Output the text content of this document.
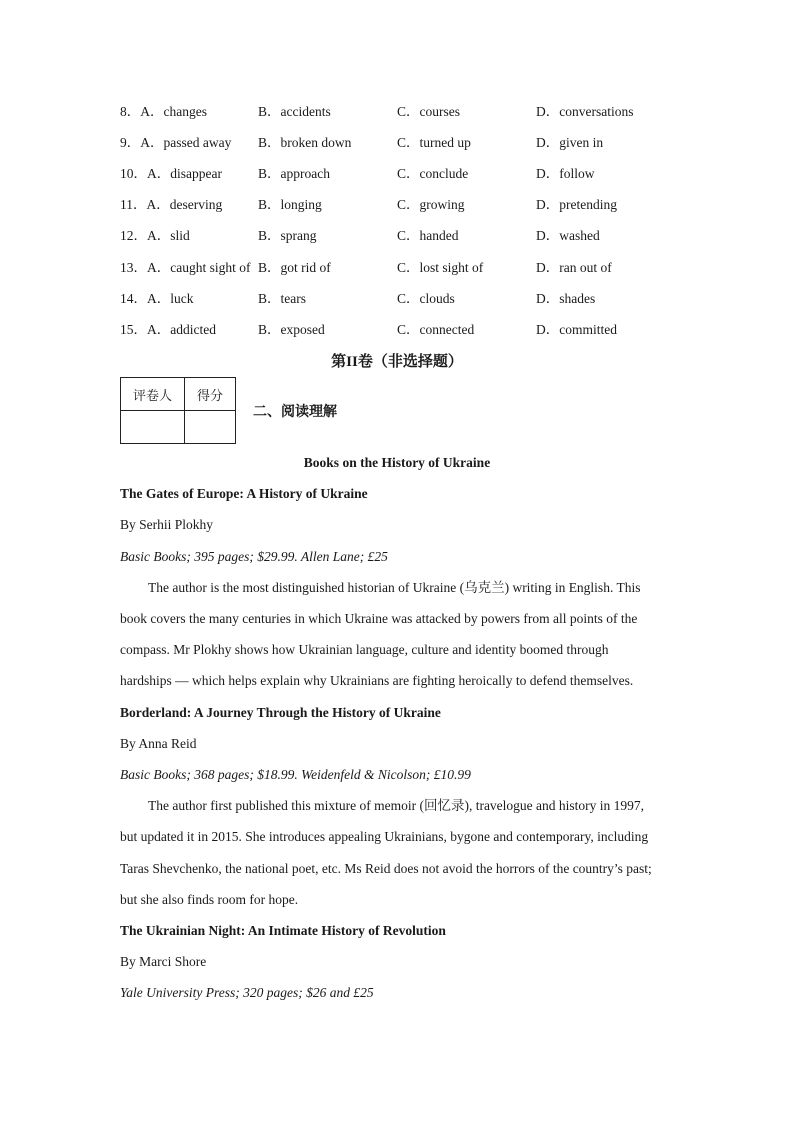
8．A．changes	B．accidents	C．courses	D．conversations
9．A．passed away B．broken down	C．turned up	D．given in
10．A．disappear	B．approach	C．conclude	D．follow
11．A．deserving	B．longing	C．growing	D．pretending
12．A．slid	B．sprang	C．handed	D．washed
13．A．caught sight of B．got rid of	C．lost sight of	D．ran out of
14．A．luck	B．tears	C．clouds	D．shades
15．A．addicted	B．exposed	C．connected	D．committed
第II卷（非选择题）
评卷人	得分

二、阅读理解
Books on the History of Ukraine
The Gates of Europe: A History of Ukraine
By Serhii Plokhy
Basic Books; 395 pages; $29.99. Allen Lane; £25
The author is the most distinguished historian of Ukraine (乌克兰) writing in English. This
book covers the many centuries in which Ukraine was attacked by powers from all points of the
compass. Mr Plokhy shows how Ukrainian language, culture and identity boomed through
hardships — which helps explain why Ukrainians are fighting heroically to defend themselves.
Borderland: A Journey Through the History of Ukraine
By Anna Reid
Basic Books; 368 pages; $18.99. Weidenfeld & Nicolson; £10.99
The author first published this mixture of memoir (回忆录), travelogue and history in 1997,
but updated it in 2015. She introduces appealing Ukrainians, bygone and contemporary, including
Taras Shevchenko, the national poet, etc. Ms Reid does not avoid the horrors of the country’s past;
but she also finds room for hope.
The Ukrainian Night: An Intimate History of Revolution
By Marci Shore
Yale University Press; 320 pages; $26 and £25
